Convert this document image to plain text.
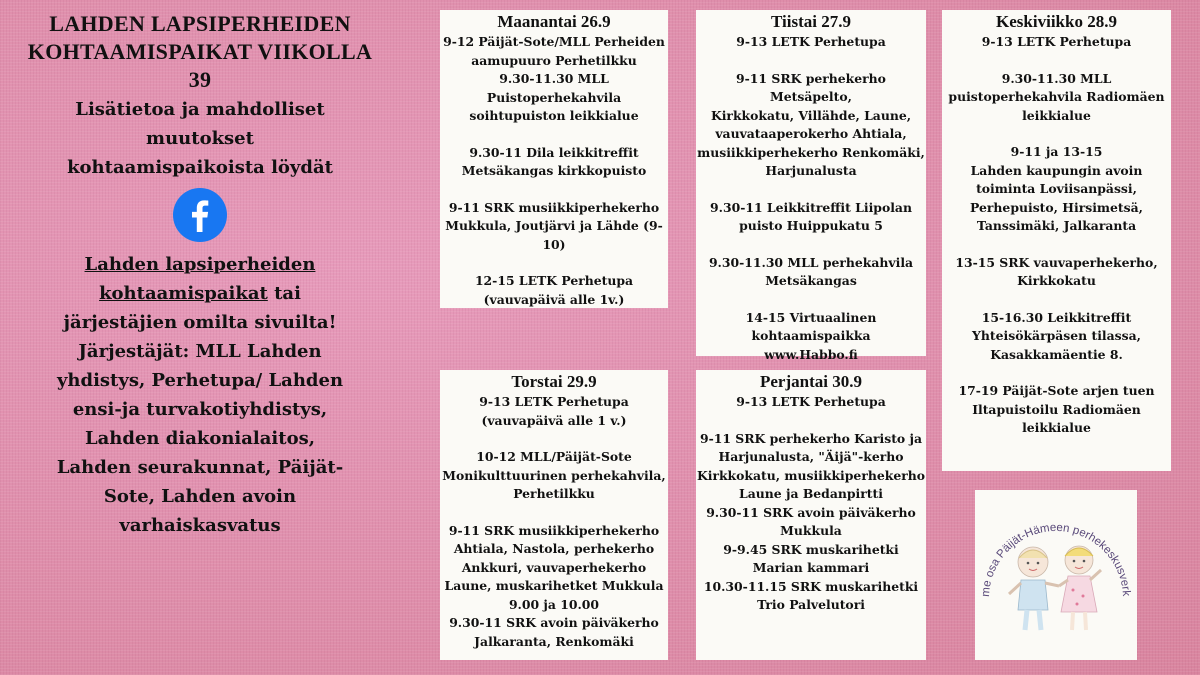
LAHDEN LAPSIPERHEIDEN
KOHTAAMISPAIKAT VIIKOLLA
39
Lisätietoa ja mahdolliset
muutokset
kohtaamispaikoista löydät
Lahden lapsiperheiden
kohtaamispaikat tai
järjestäjien omilta sivuilta!
Järjestäjät: MLL Lahden
yhdistys, Perhetupa/ Lahden
ensi-ja turvakotiyhdistys,
Lahden diakonialaitos,
Lahden seurakunnat, Päijät-
Sote, Lahden avoin
varhaiskasvatus
Maanantai 26.9
9-12 Päijät-Sote/MLL Perheiden
aamupuuro Perhetilkku
9.30-11.30 MLL
Puistoperhekahvila
soihtupuiston leikkialue
9.30-11 Dila leikkitreffit
Metsäkangas kirkkopuisto
9-11 SRK musiikkiperhekerho
Mukkula, Joutjärvi ja Lähde (9-10)
12-15 LETK Perhetupa
(vauvapäivä alle 1v.)
Tiistai 27.9
9-13 LETK Perhetupa
9-11 SRK perhekerho Metsäpelto,
Kirkkokatu, Villähde, Laune,
vauvataaperokerho Ahtiala,
musiikkiperhekerho Renkomäki,
Harjunalusta
9.30-11 Leikkitreffit Liipolan
puisto Huippukatu 5
9.30-11.30 MLL perhekahvila
Metsäkangas
14-15 Virtuaalinen
kohtaamispaikka
www.Habbo.fi
Keskiviikko 28.9
9-13 LETK Perhetupa
9.30-11.30 MLL
puistoperhekahvila Radiomäen
leikkialue
9-11 ja 13-15
Lahden kaupungin avoin
toiminta Loviisanpässi,
Perhepuisto, Hirsimetsä,
Tanssimäki, Jalkaranta
13-15 SRK vauvaperhekerho,
Kirkkokatu
15-16.30 Leikkitreffit
Yhteisökärpäsen tilassa,
Kasakkamäentie 8.
17-19 Päijät-Sote arjen tuen
Iltapuistoilu Radiomäen
leikkialue
Torstai 29.9
9-13 LETK Perhetupa
(vauvapäivä alle 1 v.)
10-12 MLL/Päijät-Sote
Monikulttuurinen perhekahvila,
Perhetilkku
9-11 SRK musiikkiperhekerho
Ahtiala, Nastola, perhekerho
Ankkuri, vauvaperhekerho
Laune, muskarihetket Mukkula
9.00 ja 10.00
9.30-11 SRK avoin päiväkerho
Jalkaranta, Renkomäki
Perjantai 30.9
9-13 LETK Perhetupa
9-11 SRK perhekerho Karisto ja
Harjunalusta, "Äijä"-kerho
Kirkkokatu, musiikkiperhekerho
Laune ja Bedanpirtti
9.30-11 SRK avoin päiväkerho
Mukkula
9-9.45 SRK muskarihetki
Marian kammari
10.30-11.15 SRK muskarihetki
Trio Palvelutori
me osa Päijät-Hämeen perhekeskusverk
